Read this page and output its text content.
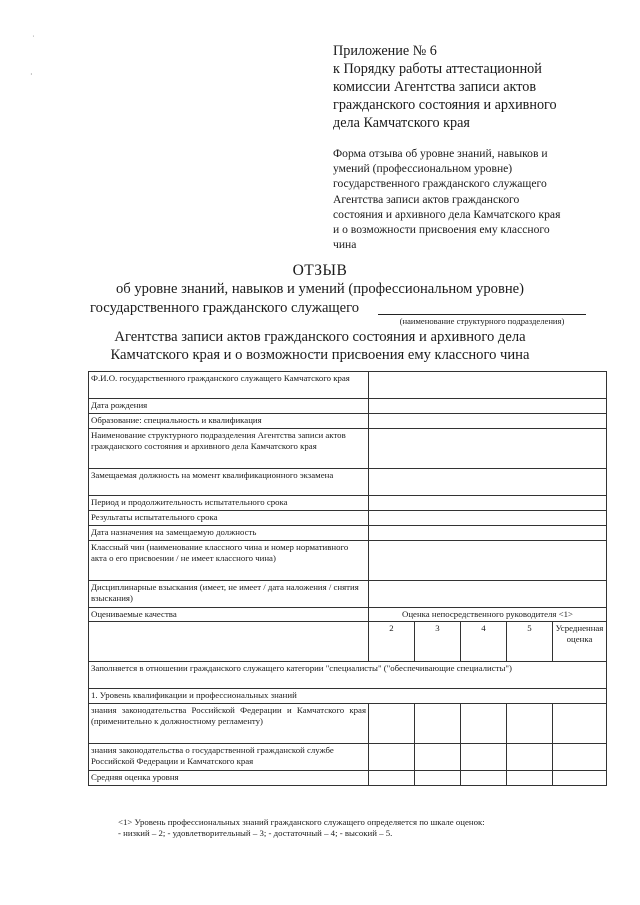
˙
·
Приложение № 6
к Порядку работы аттестационной
комиссии Агентства записи актов
гражданского состояния и архивного
дела Камчатского края
Форма отзыва об уровне знаний, навыков и
умений (профессиональном уровне)
государственного гражданского служащего
Агентства записи актов гражданского
состояния и архивного дела Камчатского края
и о возможности присвоения ему классного
чина
ОТЗЫВ
об уровне знаний, навыков и умений (профессиональном уровне)
государственного гражданского служащего
(наименование структурного подразделения)
Агентства записи актов гражданского состояния и архивного дела
Камчатского края и о возможности присвоения ему классного чина
Ф.И.О. государственного гражданского служащего Камчатского края					
Дата рождения					
Образование: специальность и квалификация					
Наименование структурного подразделения Агентства записи актов гражданского состояния и архивного дела Камчатского края					
Замещаемая должность на момент квалификационного экзамена					
Период и продолжительность испытательного срока					
Результаты испытательного срока					
Дата назначения на замещаемую должность					
Классный чин (наименование классного чина и номер нормативного акта о его присвоении / не имеет классного чина)					
Дисциплинарные взыскания (имеет, не имеет / дата наложения / снятия взыскания)					
Оцениваемые качества	Оценка непосредственного руководителя <1>				
	2	3	4	5	Усредненная оценка
Заполняется в отношении гражданского служащего категории "специалисты" ("обеспечивающие специалисты")					
1. Уровень квалификации и профессиональных знаний					
знания законодательства Российской Федерации и Камчатского края (применительно к должностному регламенту)					
знания законодательства о государственной гражданской службе Российской Федерации и Камчатского края					
Средняя оценка уровня					
<1> Уровень профессиональных знаний гражданского служащего определяется по шкале оценок:
- низкий – 2; - удовлетворительный – 3; - достаточный – 4; - высокий – 5.
